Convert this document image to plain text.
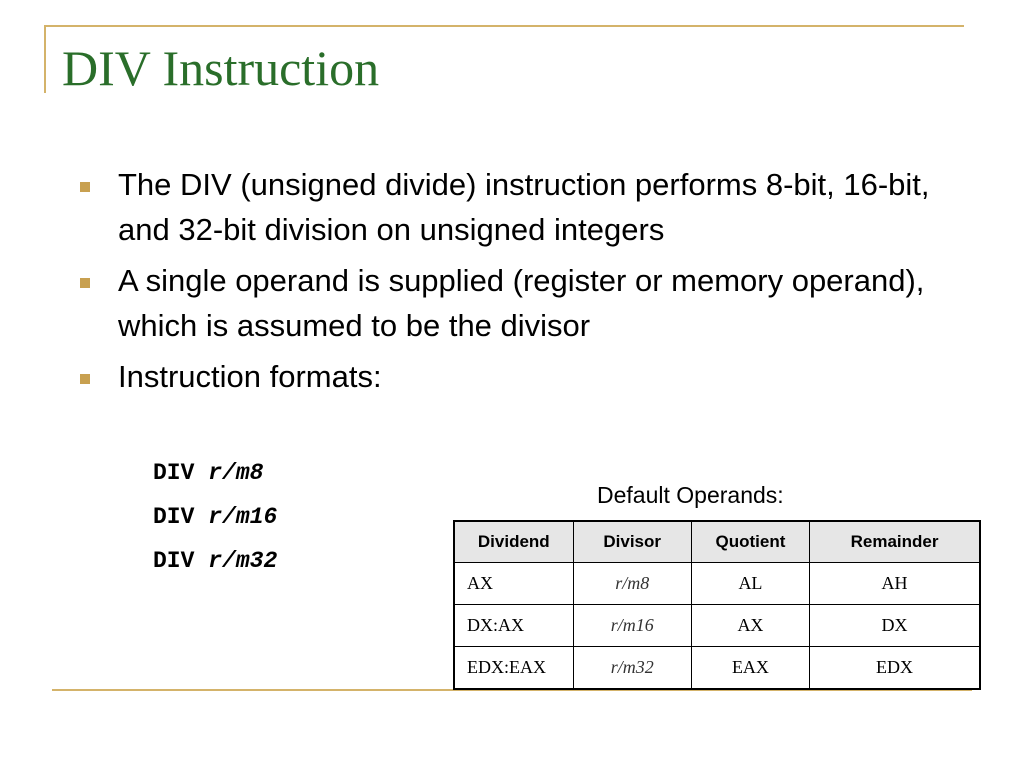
DIV Instruction
The DIV (unsigned divide) instruction performs 8-bit, 16-bit, and 32-bit division on unsigned integers
A single operand is supplied (register or memory operand), which is assumed to be the divisor
Instruction formats:
DIV r/m8
DIV r/m16
DIV r/m32
Default Operands:
Dividend	Divisor	Quotient	Remainder
AX	r/m8	AL	AH
DX:AX	r/m16	AX	DX
EDX:EAX	r/m32	EAX	EDX
